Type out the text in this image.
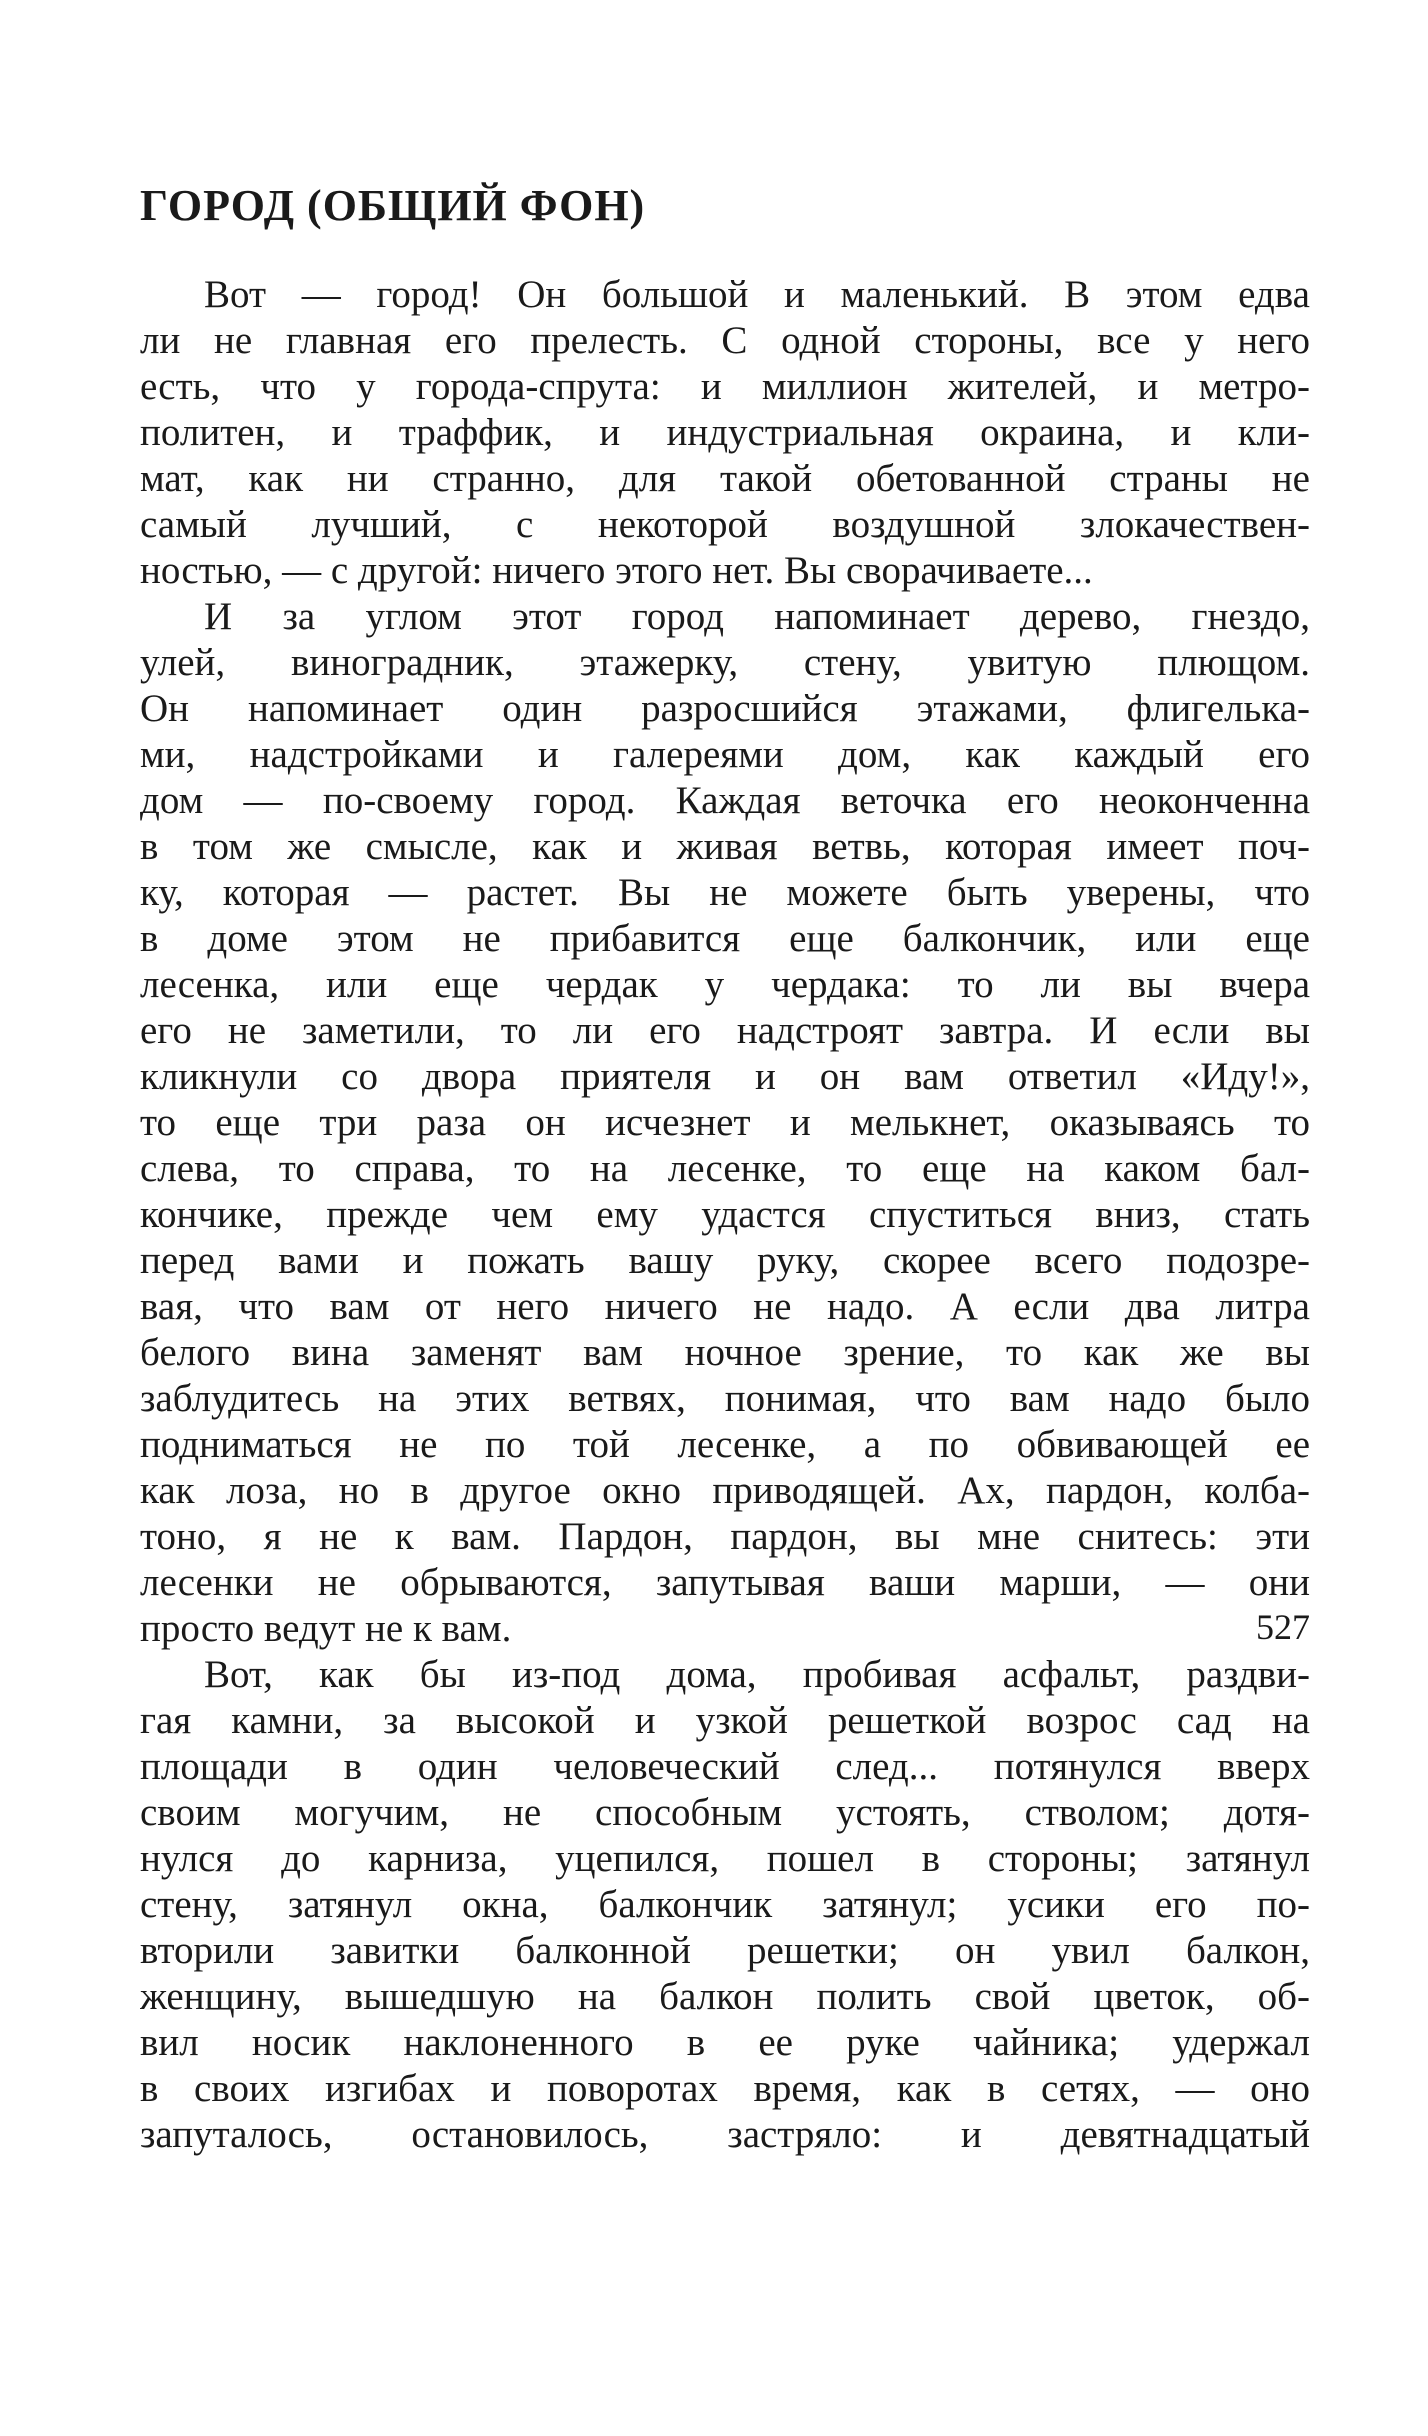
ГОРОД (ОБЩИЙ ФОН)
Вот — город! Он большой и маленький. В этом едва
ли не главная его прелесть. С одной стороны, все у него
есть, что у города-спрута: и миллион жителей, и метро-
политен, и траффик, и индустриальная окраина, и кли-
мат, как ни странно, для такой обетованной страны не
самый лучший, с некоторой воздушной злокачествен-
ностью, — с другой: ничего этого нет. Вы сворачиваете...
И за углом этот город напоминает дерево, гнездо,
улей, виноградник, этажерку, стену, увитую плющом.
Он напоминает один разросшийся этажами, флигелька-
ми, надстройками и галереями дом, как каждый его
дом — по-своему город. Каждая веточка его неоконченна
в том же смысле, как и живая ветвь, которая имеет поч-
ку, которая — растет. Вы не можете быть уверены, что
в доме этом не прибавится еще балкончик, или еще
лесенка, или еще чердак у чердака: то ли вы вчера
его не заметили, то ли его надстроят завтра. И если вы
кликнули со двора приятеля и он вам ответил «Иду!»,
то еще три раза он исчезнет и мелькнет, оказываясь то
слева, то справа, то на лесенке, то еще на каком бал-
кончике, прежде чем ему удастся спуститься вниз, стать
перед вами и пожать вашу руку, скорее всего подозре-
вая, что вам от него ничего не надо. А если два литра
белого вина заменят вам ночное зрение, то как же вы
заблудитесь на этих ветвях, понимая, что вам надо было
подниматься не по той лесенке, а по обвивающей ее
как лоза, но в другое окно приводящей. Ах, пардон, колба-
тоно, я не к вам. Пардон, пардон, вы мне снитесь: эти
лесенки не обрываются, запутывая ваши марши, — они
просто ведут не к вам.
Вот, как бы из-под дома, пробивая асфальт, раздви-
гая камни, за высокой и узкой решеткой возрос сад на
площади в один человеческий след... потянулся вверх
своим могучим, не способным устоять, стволом; дотя-
нулся до карниза, уцепился, пошел в стороны; затянул
стену, затянул окна, балкончик затянул; усики его по-
вторили завитки балконной решетки; он увил балкон,
женщину, вышедшую на балкон полить свой цветок, об-
вил носик наклоненного в ее руке чайника; удержал
в своих изгибах и поворотах время, как в сетях, — оно
запуталось, остановилось, застряло: и девятнадцатый
527
